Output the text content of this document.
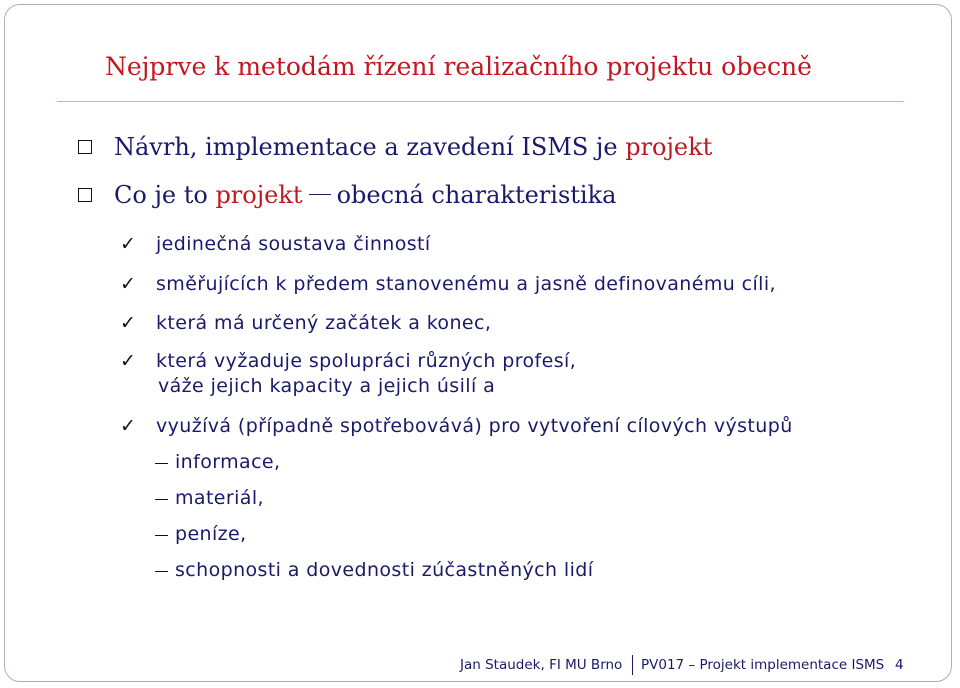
Nejprve k metodám řízení realizačního projektu obecně
Návrh, implementace a zavedení ISMS je projekt
Co je to projekt obecná charakteristika
✓ jedinečná soustava činností
✓ směřujících k předem stanovenému a jasně definovanému cíli,
✓ která má určený začátek a konec,
✓ která vyžaduje spolupráci různých profesí,
váže jejich kapacity a jejich úsilí a
✓ využívá (případně spotřebovává) pro vytvoření cílových výstupů
informace,
materiál,
peníze,
schopnosti a dovednosti zúčastněných lidí
Jan Staudek, FI MU Brno PV017 – Projekt implementace ISMS 4
